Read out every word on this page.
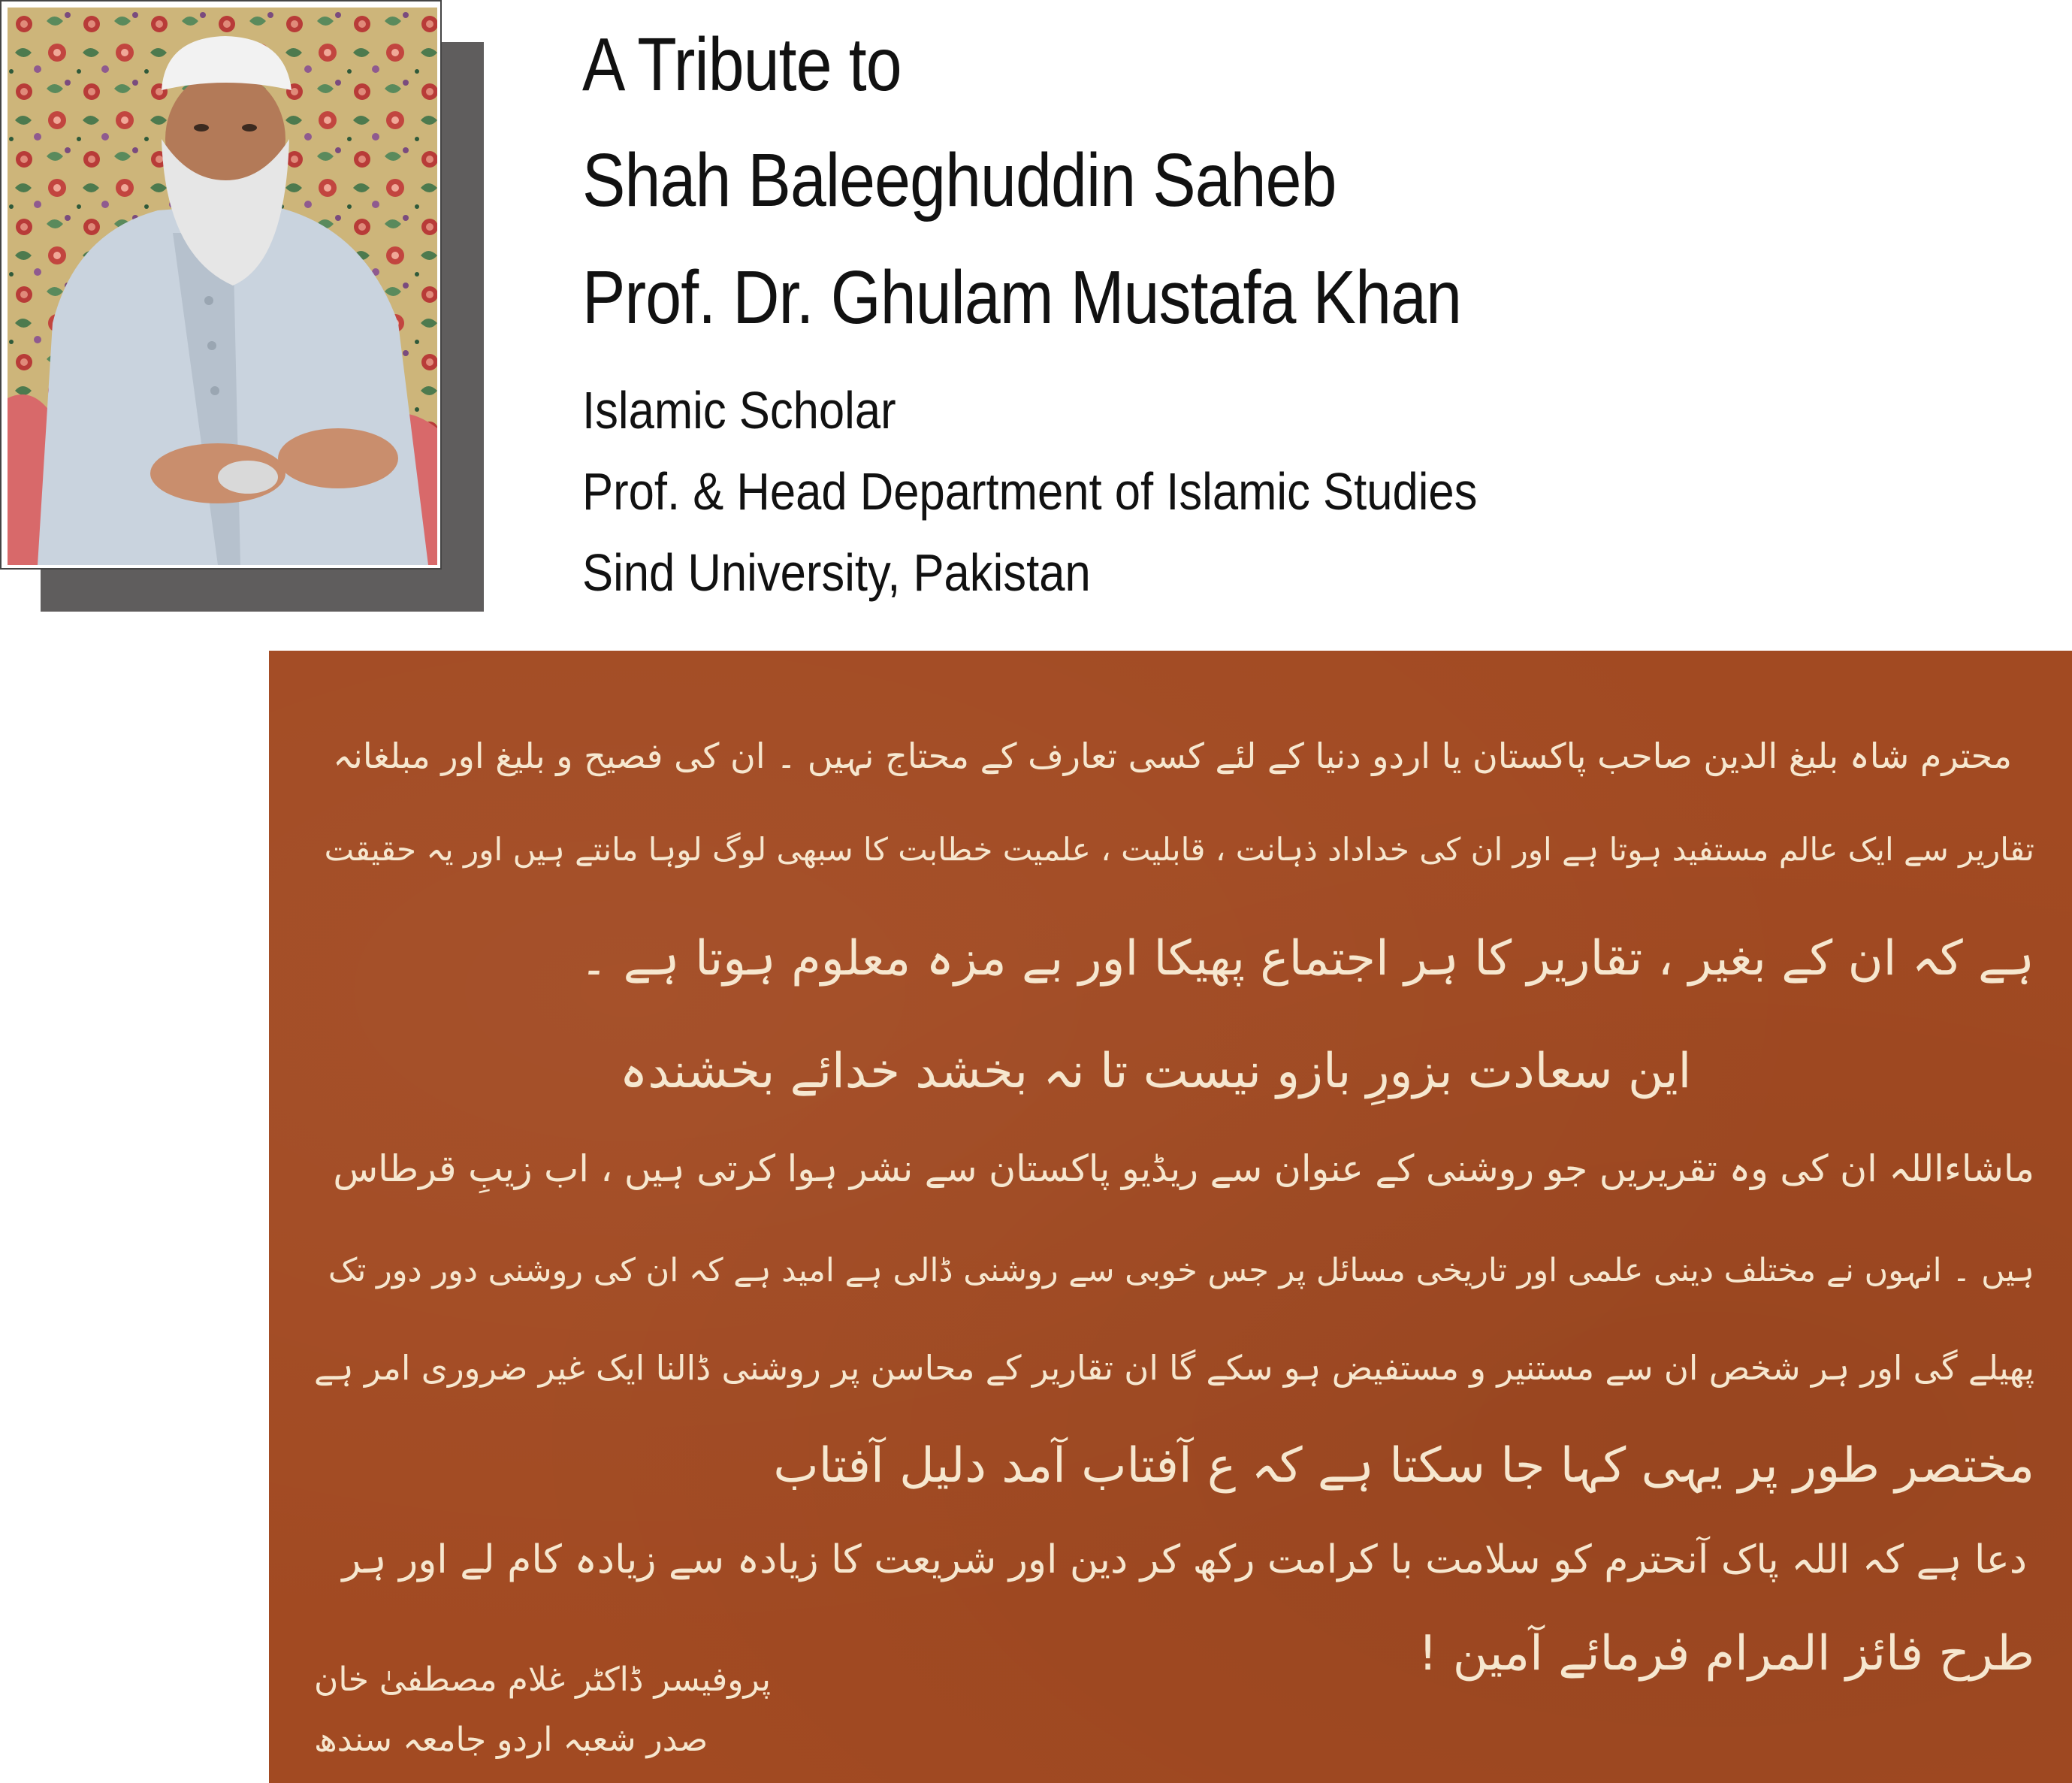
A Tribute to
Shah Baleeghuddin Saheb
Prof. Dr. Ghulam Mustafa Khan
Islamic Scholar
Prof. & Head Department of Islamic Studies
Sind University, Pakistan
محترم شاہ بلیغ الدین صاحب پاکستان یا اردو دنیا کے لئے کسی تعارف کے محتاج نہیں ۔ ان کی فصیح و بلیغ اور مبلغانہ
تقاریر سے ایک عالم مستفید ہوتا ہے اور ان کی خداداد ذہانت ، قابلیت ، علمیت خطابت کا سبھی لوگ لوہا مانتے ہیں اور یہ حقیقت
ہے کہ ان کے بغیر ، تقاریر کا ہر اجتماع پھیکا اور بے مزہ معلوم ہوتا ہے ۔
این سعادت بزورِ بازو نیست تا نہ بخشد خدائے بخشندہ
ماشاءاللہ ان کی وہ تقریریں جو روشنی کے عنوان سے ریڈیو پاکستان سے نشر ہوا کرتی ہیں ، اب زیبِ قرطاس
ہیں ۔ انہوں نے مختلف دینی علمی اور تاریخی مسائل پر جس خوبی سے روشنی ڈالی ہے امید ہے کہ ان کی روشنی دور دور تک
پھیلے گی اور ہر شخص ان سے مستنیر و مستفیض ہو سکے گا ان تقاریر کے محاسن پر روشنی ڈالنا ایک غیر ضروری امر ہے
مختصر طور پر یہی کہا جا سکتا ہے کہ ع آفتاب آمد دلیل آفتاب
دعا ہے کہ اللہ پاک آنحترم کو سلامت با کرامت رکھ کر دین اور شریعت کا زیادہ سے زیادہ کام لے اور ہر
طرح فائز المرام فرمائے آمین !
پروفیسر ڈاکٹر غلام مصطفیٰ خان
صدر شعبہ اردو جامعہ سندھ
